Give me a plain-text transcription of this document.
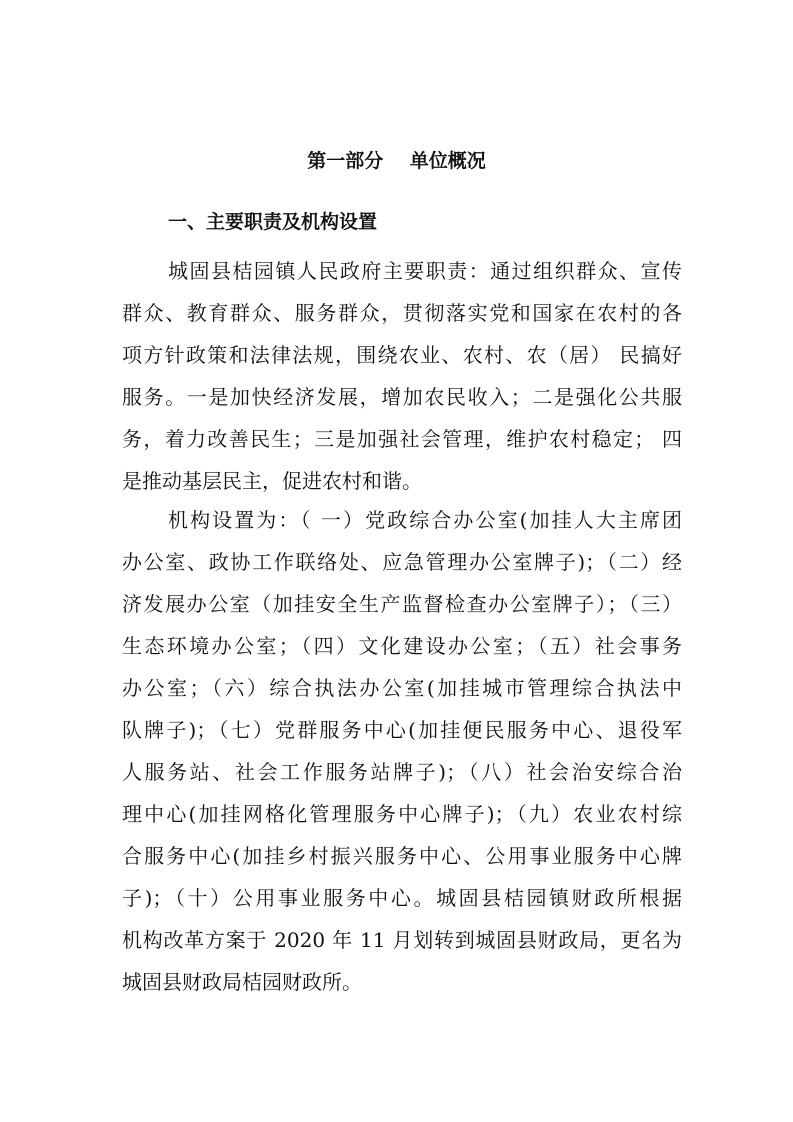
第一部分    单位概况
一、主要职责及机构设置
城固县桔园镇人民政府主要职责：通过组织群众、宣传
群众、教育群众、服务群众，贯彻落实党和国家在农村的各
项方针政策和法律法规，围绕农业、农村、农（居） 民搞好
服务。一是加快经济发展，增加农民收入；二是强化公共服
务，着力改善民生；三是加强社会管理，维护农村稳定； 四
是推动基层民主，促进农村和谐。
机构设置为：（ 一）党政综合办公室(加挂人大主席团
办公室、政协工作联络处、应急管理办公室牌子)；（二）经
济发展办公室（加挂安全生产监督检查办公室牌子）；（三）
生态环境办公室；（四）文化建设办公室；（五）社会事务
办公室；（六）综合执法办公室(加挂城市管理综合执法中
队牌子)；（七）党群服务中心(加挂便民服务中心、退役军
人服务站、社会工作服务站牌子)；（八）社会治安综合治
理中心(加挂网格化管理服务中心牌子)；（九）农业农村综
合服务中心(加挂乡村振兴服务中心、公用事业服务中心牌
子)；（十）公用事业服务中心。城固县桔园镇财政所根据
机构改革方案于 2020 年 11 月划转到城固县财政局，更名为
城固县财政局桔园财政所。
